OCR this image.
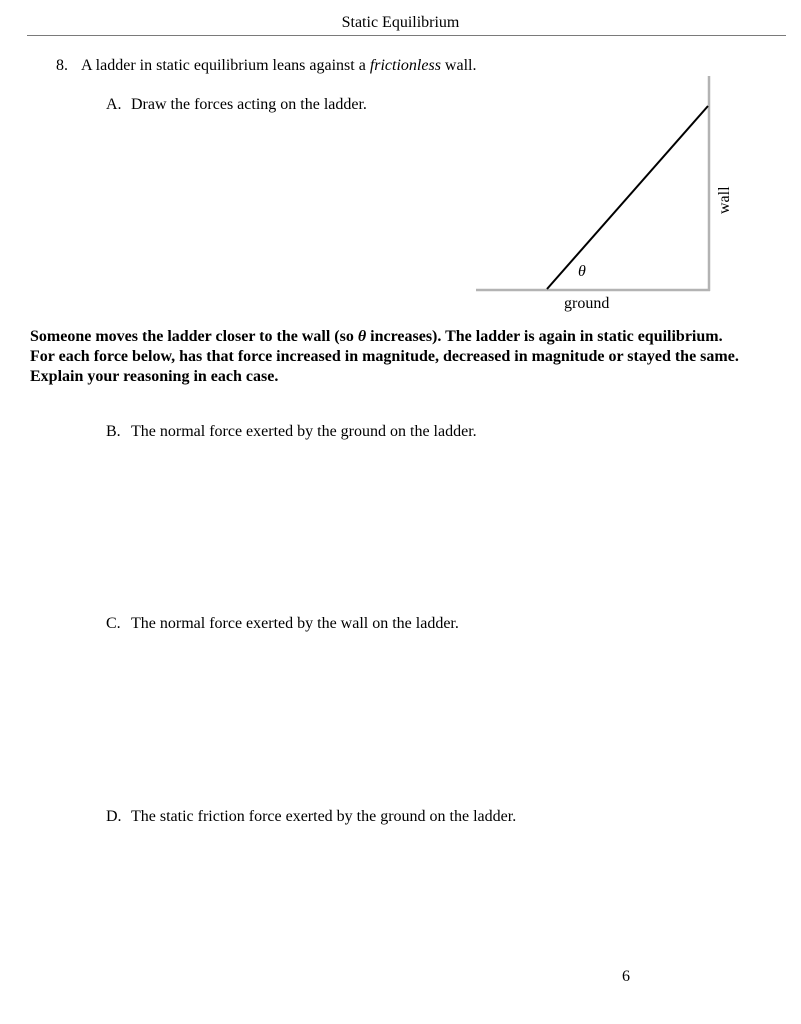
Static Equilibrium
8. A ladder in static equilibrium leans against a frictionless wall.
A. Draw the forces acting on the ladder.
θ
ground
wall
Someone moves the ladder closer to the wall (so θ increases). The ladder is again in static equilibrium.
For each force below, has that force increased in magnitude, decreased in magnitude or stayed the same.
Explain your reasoning in each case.
B. The normal force exerted by the ground on the ladder.
C. The normal force exerted by the wall on the ladder.
D. The static friction force exerted by the ground on the ladder.
6
